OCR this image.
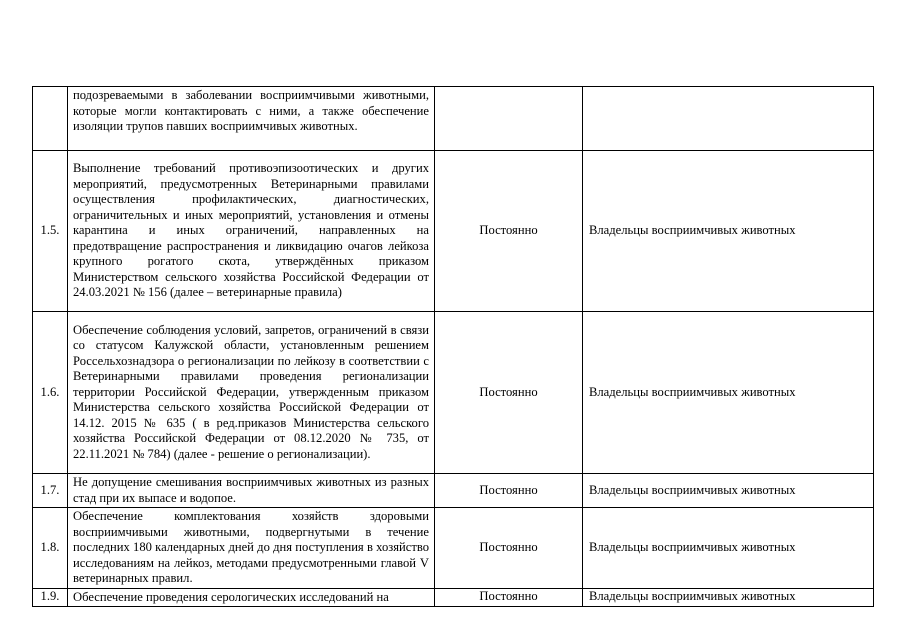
	подозреваемыми в заболевании восприимчивыми животными, которые могли контактировать с ними, а также обеспечение изоляции трупов павших восприимчивых животных.		
1.5.	Выполнение требований противоэпизоотических и других мероприятий, предусмотренных Ветеринарными правилами осуществления профилактических, диагностических, ограничительных и иных мероприятий, установления и отмены карантина и иных ограничений, направленных на предотвращение распространения и ликвидацию очагов лейкоза крупного рогатого скота, утверждённых приказом Министерством сельского хозяйства Российской Федерации от 24.03.2021 № 156 (далее – ветеринарные правила)	Постоянно	Владельцы восприимчивых животных
1.6.	Обеспечение соблюдения условий, запретов, ограничений в связи со статусом Калужской области, установленным решением Россельхознадзора о регионализации по лейкозу в соответствии с Ветеринарными правилами проведения регионализации территории Российской Федерации, утвержденным приказом Министерства сельского хозяйства Российской Федерации от 14.12. 2015 № 635 ( в ред.приказов Министерства сельского хозяйства Российской Федерации от 08.12.2020 № 735, от 22.11.2021 № 784) (далее - решение о регионализации).	Постоянно	Владельцы восприимчивых животных
1.7.	Не допущение смешивания восприимчивых животных из разных стад при их выпасе и водопое.	Постоянно	Владельцы восприимчивых животных
1.8.	Обеспечение комплектования хозяйств здоровыми восприимчивыми животными, подвергнутыми в течение последних 180 календарных дней до дня поступления в хозяйство исследованиям на лейкоз, методами предусмотренными главой V ветеринарных правил.	Постоянно	Владельцы восприимчивых животных
1.9.	Обеспечение проведения серологических исследований на	Постоянно	Владельцы восприимчивых животных
